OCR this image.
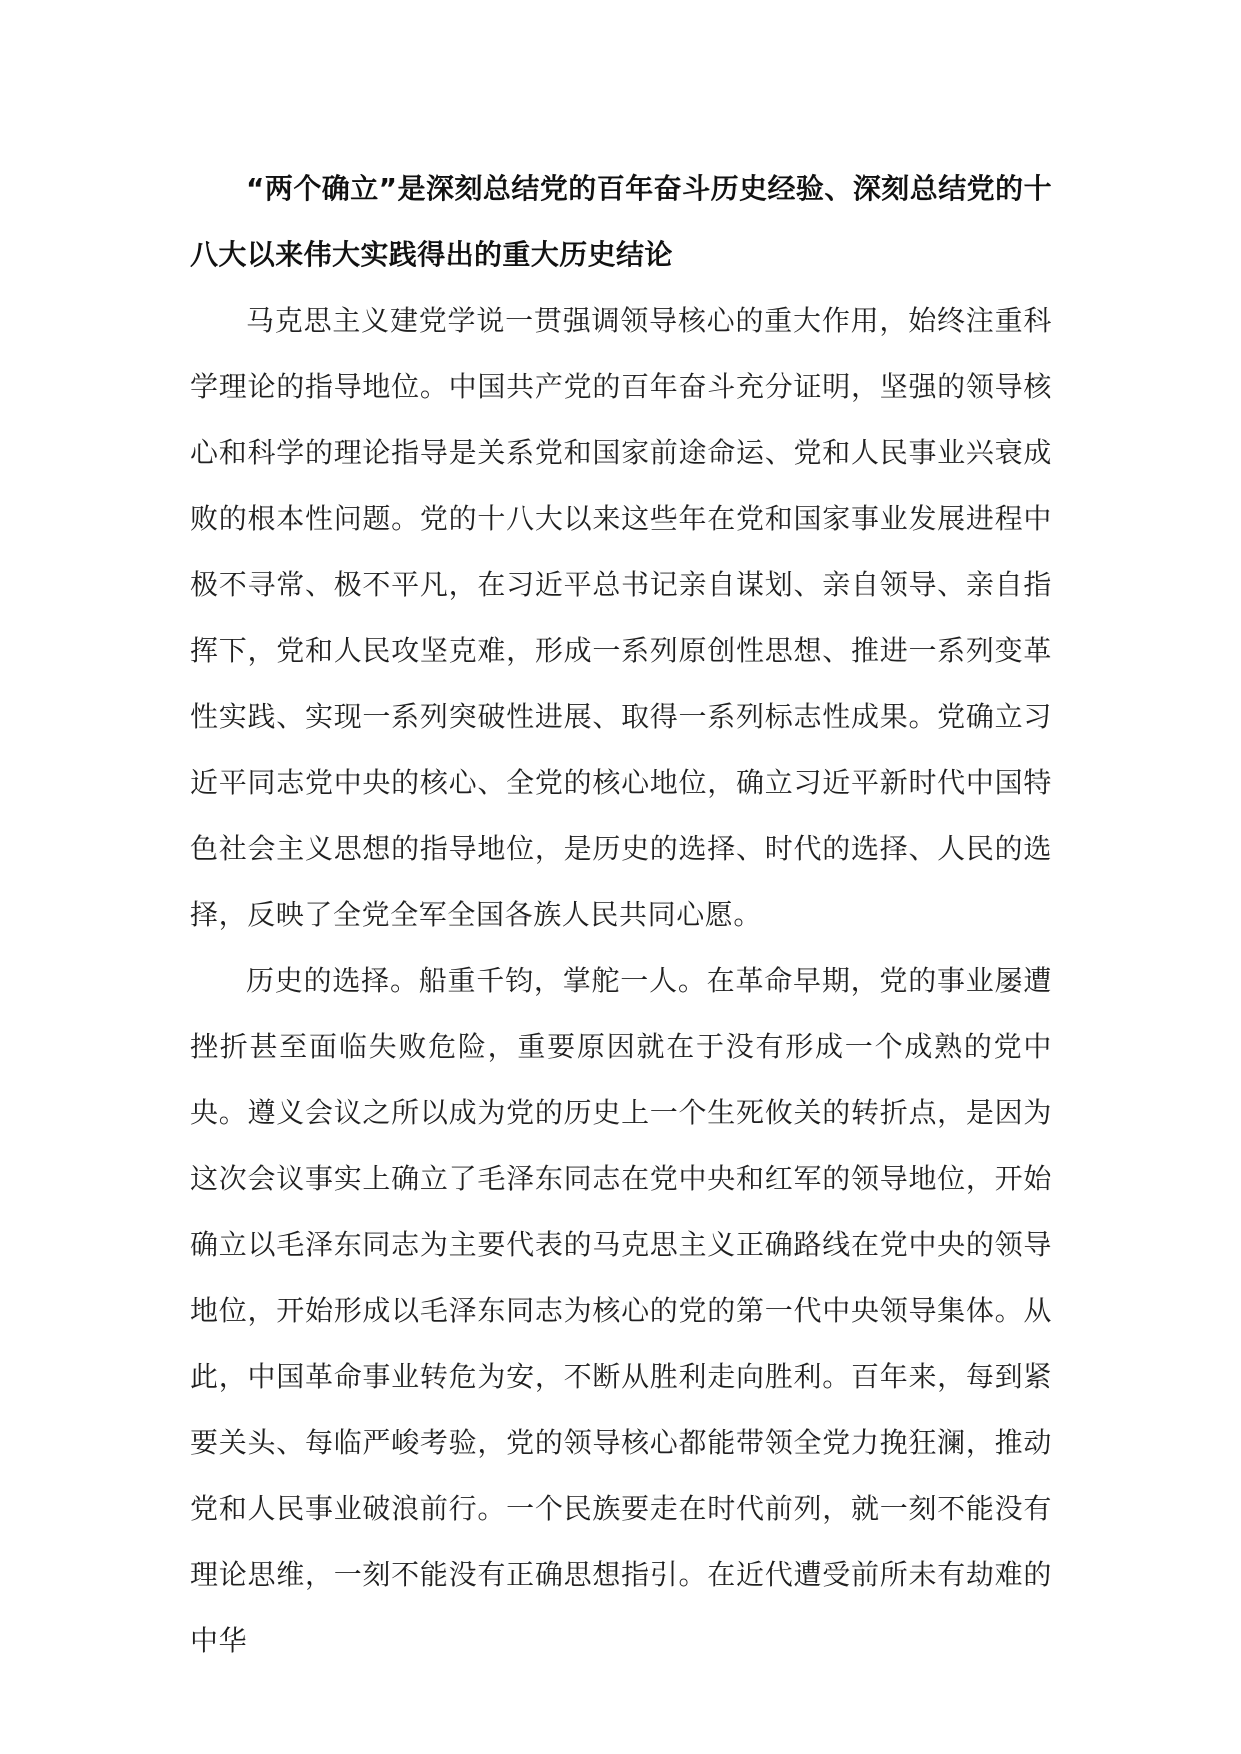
“两个确立”是深刻总结党的百年奋斗历史经验、深刻总结党的十八大以来伟大实践得出的重大历史结论

马克思主义建党学说一贯强调领导核心的重大作用，始终注重科学理论的指导地位。中国共产党的百年奋斗充分证明，坚强的领导核心和科学的理论指导是关系党和国家前途命运、党和人民事业兴衰成败的根本性问题。党的十八大以来这些年在党和国家事业发展进程中极不寻常、极不平凡，在习近平总书记亲自谋划、亲自领导、亲自指挥下，党和人民攻坚克难，形成一系列原创性思想、推进一系列变革性实践、实现一系列突破性进展、取得一系列标志性成果。党确立习近平同志党中央的核心、全党的核心地位，确立习近平新时代中国特色社会主义思想的指导地位，是历史的选择、时代的选择、人民的选择，反映了全党全军全国各族人民共同心愿。

历史的选择。船重千钧，掌舵一人。在革命早期，党的事业屡遭挫折甚至面临失败危险，重要原因就在于没有形成一个成熟的党中央。遵义会议之所以成为党的历史上一个生死攸关的转折点，是因为这次会议事实上确立了毛泽东同志在党中央和红军的领导地位，开始确立以毛泽东同志为主要代表的马克思主义正确路线在党中央的领导地位，开始形成以毛泽东同志为核心的党的第一代中央领导集体。从此，中国革命事业转危为安，不断从胜利走向胜利。百年来，每到紧要关头、每临严峻考验，党的领导核心都能带领全党力挽狂澜，推动党和人民事业破浪前行。一个民族要走在时代前列，就一刻不能没有理论思维，一刻不能没有正确思想指引。在近代遭受前所未有劫难的中华
